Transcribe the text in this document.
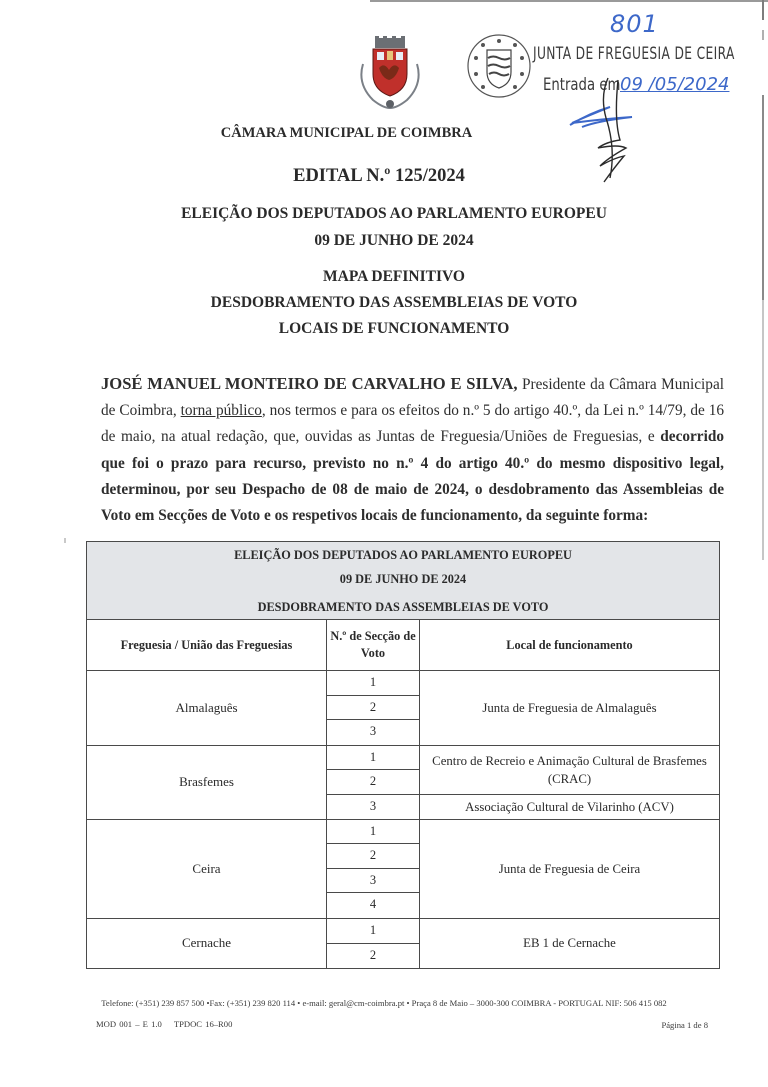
801
JUNTA DE FREGUESIA DE CEIRA
Entrada em 09 /05/2024
CÂMARA MUNICIPAL DE COIMBRA
EDITAL N.º 125/2024
ELEIÇÃO DOS DEPUTADOS AO PARLAMENTO EUROPEU
09 DE JUNHO DE 2024
MAPA DEFINITIVO
DESDOBRAMENTO DAS ASSEMBLEIAS DE VOTO
LOCAIS DE FUNCIONAMENTO
JOSÉ MANUEL MONTEIRO DE CARVALHO E SILVA, Presidente da Câmara Municipal de Coimbra, torna público, nos termos e para os efeitos do n.º 5 do artigo 40.º, da Lei n.º 14/79, de 16 de maio, na atual redação, que, ouvidas as Juntas de Freguesia/Uniões de Freguesias, e decorrido que foi o prazo para recurso, previsto no n.º 4 do artigo 40.º do mesmo dispositivo legal, determinou, por seu Despacho de 08 de maio de 2024, o desdobramento das Assembleias de Voto em Secções de Voto e os respetivos locais de funcionamento, da seguinte forma:
ELEIÇÃO DOS DEPUTADOS AO PARLAMENTO EUROPEU
09 DE JUNHO DE 2024
DESDOBRAMENTO DAS ASSEMBLEIAS DE VOTO
Freguesia / União das Freguesias
N.º de Secção de Voto
Local de funcionamento
Almalaguês
1
2
3
Junta de Freguesia de Almalaguês
Brasfemes
1
2
3
Centro de Recreio e Animação Cultural de Brasfemes (CRAC)
Associação Cultural de Vilarinho (ACV)
Ceira
1
2
3
4
Junta de Freguesia de Ceira
Cernache
1
2
EB 1 de Cernache
Telefone: (+351) 239 857 500 •Fax: (+351) 239 820 114 • e-mail: geral@cm-coimbra.pt • Praça 8 de Maio – 3000-300 COIMBRA - PORTUGAL NIF: 506 415 082
MOD 001 – E 1.0 TPDOC 16–R00	Página 1 de 8
